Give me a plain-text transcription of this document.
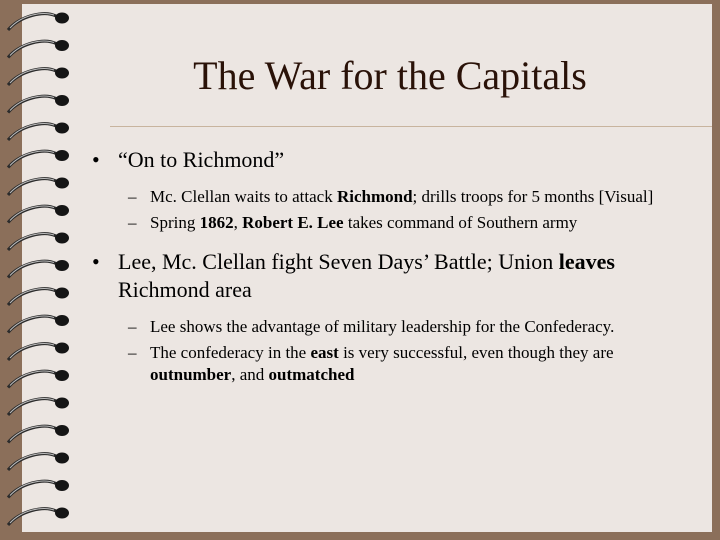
The War for the Capitals
• “On to Richmond”
– Mc. Clellan waits to attack Richmond; drills troops for 5 months [Visual]
– Spring 1862, Robert E. Lee takes command of Southern army
• Lee, Mc. Clellan fight Seven Days’ Battle; Union leaves Richmond area
– Lee shows the advantage of military leadership for the Confederacy.
– The confederacy in the east is very successful, even though they are outnumber, and outmatched
